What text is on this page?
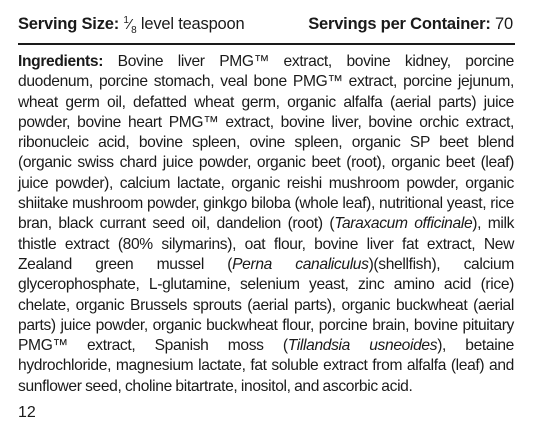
Serving Size: $^1⁄_8$ level teaspoon	Servings per Container: 70

Ingredients: Bovine liver PMG™ extract, bovine kidney, porcine duodenum, porcine stomach, veal bone PMG™ extract, porcine jejunum, wheat germ oil, defatted wheat germ, organic alfalfa (aerial parts) juice powder, bovine heart PMG™ extract, bovine liver, bovine orchic extract, ribonucleic acid, bovine spleen, ovine spleen, organic SP beet blend (organic swiss chard juice powder, organic beet (root), organic beet (leaf) juice powder), calcium lactate, organic reishi mushroom powder, organic shiitake mushroom powder, ginkgo biloba (whole leaf), nutritional yeast, rice bran, black currant seed oil, dandelion (root) (Taraxacum officinale), milk thistle extract (80% silymarins), oat flour, bovine liver fat extract, New Zealand green mussel (Perna canaliculus)(shellfish), calcium glycerophosphate, L-glutamine, selenium yeast, zinc amino acid (rice) chelate, organic Brussels sprouts (aerial parts), organic buckwheat (aerial parts) juice powder, organic buckwheat flour, porcine brain, bovine pituitary PMG™ extract, Spanish moss (Tillandsia usneoides), betaine hydrochloride, magnesium lactate, fat soluble extract from alfalfa (leaf) and sunflower seed, choline bitartrate, inositol, and ascorbic acid.

12
